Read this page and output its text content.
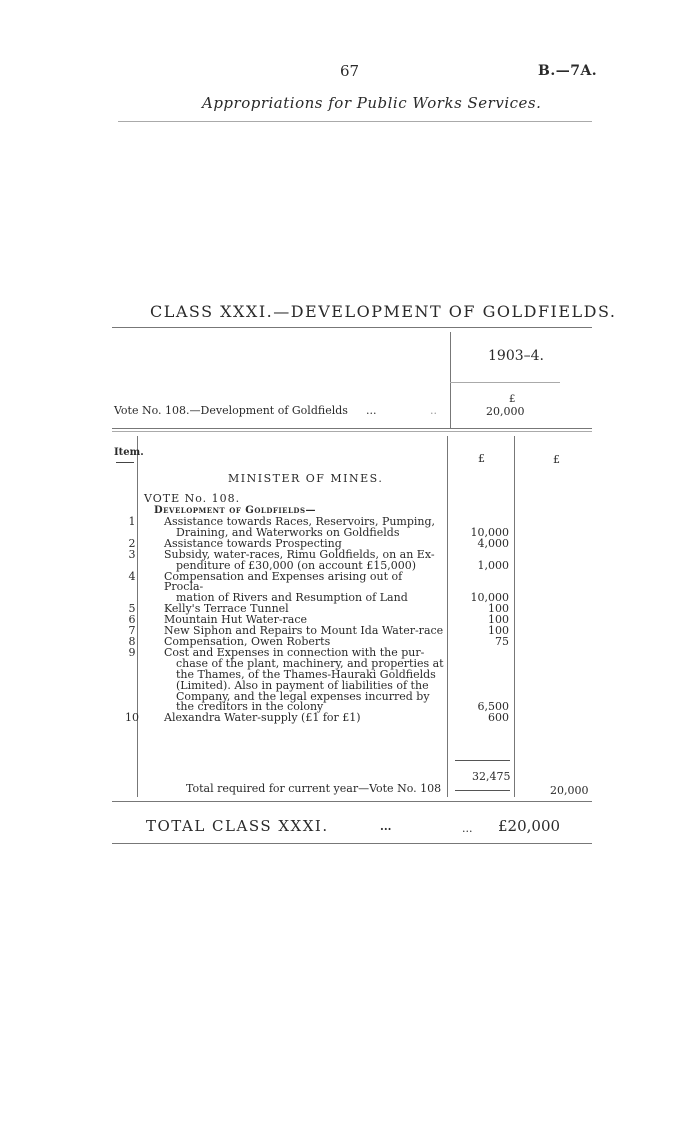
67	B.—7A.
Appropriations for Public Works Services.
CLASS XXXI.—DEVELOPMENT OF GOLDFIELDS.
1903–4.
£
Vote No. 108.—Development of Goldfields ...	..	20,000
Item.	£	£
MINISTER OF MINES.
VOTE No. 108.
Development of Goldfields—
1	Assistance towards Races, Reservoirs, Pumping,
Draining, and Waterworks on Goldfields	10,000
2	Assistance towards Prospecting	4,000
3	Subsidy, water-races, Rimu Goldfields, on an Ex-
penditure of £30,000 (on account £15,000)	1,000
4	Compensation and Expenses arising out of Procla-
mation of Rivers and Resumption of Land	10,000
5	Kelly's Terrace Tunnel	100
6	Mountain Hut Water-race	100
7	New Siphon and Repairs to Mount Ida Water-race	100
8	Compensation, Owen Roberts	75
9	Cost and Expenses in connection with the pur-
chase of the plant, machinery, and properties at
the Thames, of the Thames-Hauraki Goldfields
(Limited). Also in payment of liabilities of the
Company, and the legal expenses incurred by
the creditors in the colony	6,500
10	Alexandra Water-supply (£1 for £1)	600
32,475
Total required for current year—Vote No. 108	20,000
TOTAL CLASS XXXI.	...	... £20,000
